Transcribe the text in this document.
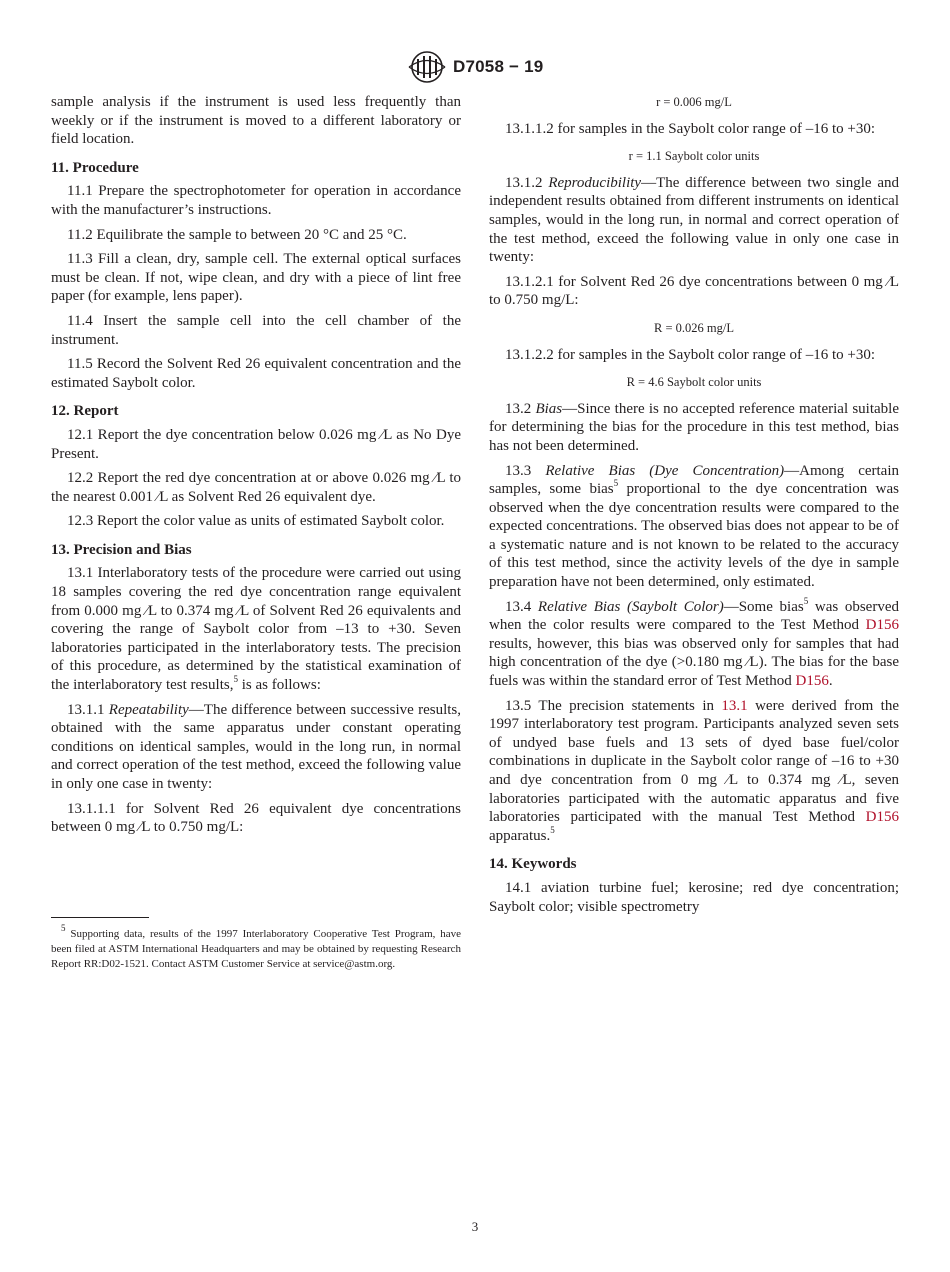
D7058 − 19

sample analysis if the instrument is used less frequently than weekly or if the instrument is moved to a different laboratory or field location.

11. Procedure

11.1 Prepare the spectrophotometer for operation in accordance with the manufacturer’s instructions.

11.2 Equilibrate the sample to between 20 °C and 25 °C.

11.3 Fill a clean, dry, sample cell. The external optical surfaces must be clean. If not, wipe clean, and dry with a piece of lint free paper (for example, lens paper).

11.4 Insert the sample cell into the cell chamber of the instrument.

11.5 Record the Solvent Red 26 equivalent concentration and the estimated Saybolt color.

12. Report

12.1 Report the dye concentration below 0.026 mg ⁄L as No Dye Present.

12.2 Report the red dye concentration at or above 0.026 mg ⁄L to the nearest 0.001 ⁄L as Solvent Red 26 equivalent dye.

12.3 Report the color value as units of estimated Saybolt color.

13. Precision and Bias

13.1 Interlaboratory tests of the procedure were carried out using 18 samples covering the red dye concentration range equivalent from 0.000 mg ⁄L to 0.374 mg ⁄L of Solvent Red 26 equivalents and covering the range of Saybolt color from –13 to +30. Seven laboratories participated in the interlaboratory tests. The precision of this procedure, as determined by the statistical examination of the interlaboratory test results,$^5$ is as follows:

13.1.1 Repeatability—The difference between successive results, obtained with the same apparatus under constant operating conditions on identical samples, would in the long run, in normal and correct operation of the test method, exceed the following value in only one case in twenty:

13.1.1.1 for Solvent Red 26 equivalent dye concentrations between 0 mg ⁄L to 0.750 mg/L:

$^5$ Supporting data, results of the 1997 Interlaboratory Cooperative Test Program, have been filed at ASTM International Headquarters and may be obtained by requesting Research Report RR:D02-1521. Contact ASTM Customer Service at service@astm.org.

r = 0.006 mg/L

13.1.1.2 for samples in the Saybolt color range of –16 to +30:

r = 1.1 Saybolt color units

13.1.2 Reproducibility—The difference between two single and independent results obtained from different instruments on identical samples, would in the long run, in normal and correct operation of the test method, exceed the following value in only one case in twenty:

13.1.2.1 for Solvent Red 26 dye concentrations between 0 mg ⁄L to 0.750 mg/L:

R = 0.026 mg/L

13.1.2.2 for samples in the Saybolt color range of –16 to +30:

R = 4.6 Saybolt color units

13.2 Bias—Since there is no accepted reference material suitable for determining the bias for the procedure in this test method, bias has not been determined.

13.3 Relative Bias (Dye Concentration)—Among certain samples, some bias$^5$ proportional to the dye concentration was observed when the dye concentration results were compared to the expected concentrations. The observed bias does not appear to be of a systematic nature and is not known to be related to the accuracy of this test method, since the activity levels of the dye in sample preparation have not been determined, only estimated.

13.4 Relative Bias (Saybolt Color)—Some bias$^5$ was observed when the color results were compared to the Test Method D156 results, however, this bias was observed only for samples that had high concentration of the dye (>0.180 mg ⁄L). The bias for the base fuels was within the standard error of Test Method D156.

13.5 The precision statements in 13.1 were derived from the 1997 interlaboratory test program. Participants analyzed seven sets of undyed base fuels and 13 sets of dyed base fuel/color combinations in duplicate in the Saybolt color range of –16 to +30 and dye concentration from 0 mg ⁄L to 0.374 mg ⁄L, seven laboratories participated with the automatic apparatus and five laboratories participated with the manual Test Method D156 apparatus.$^5$

14. Keywords

14.1 aviation turbine fuel; kerosine; red dye concentration; Saybolt color; visible spectrometry

3
